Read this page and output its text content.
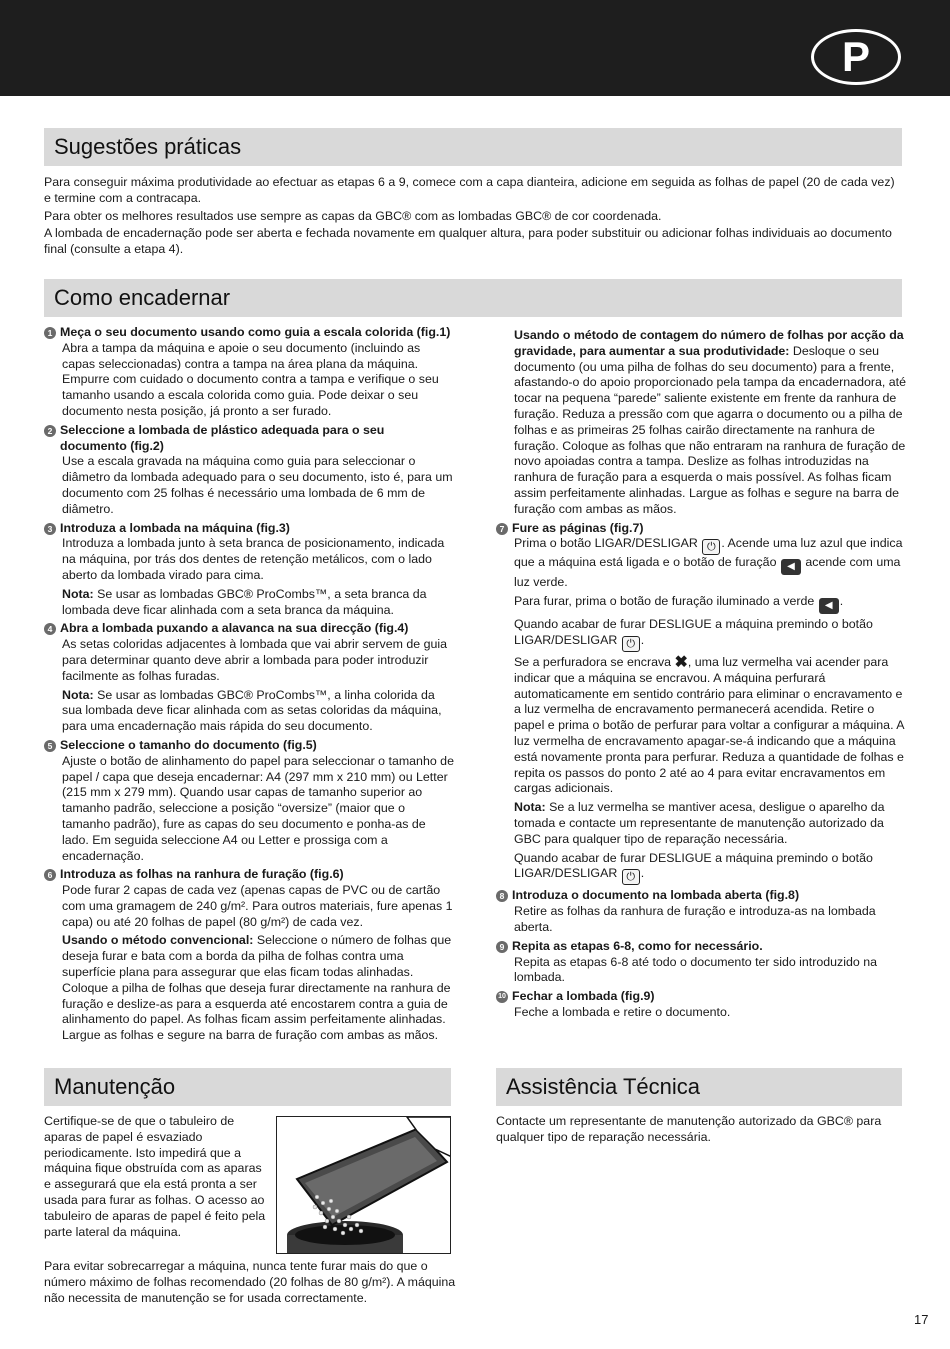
P
Sugestões práticas

Para conseguir máxima produtividade ao efectuar as etapas 6 a 9, comece com a capa dianteira, adicione em seguida as folhas de papel (20 de cada vez) e termine com a contracapa.

Para obter os melhores resultados use sempre as capas da GBC® com as lombadas GBC® de cor coordenada.

A lombada de encadernação pode ser aberta e fechada novamente em qualquer altura, para poder substituir ou adicionar folhas individuais ao documento final (consulte a etapa 4).

Como encadernar
1 Meça o seu documento usando como guia a escala colorida (fig.1)
Abra a tampa da máquina e apoie o seu documento (incluindo as capas seleccionadas) contra a tampa na área plana da máquina. Empurre com cuidado o documento contra a tampa e verifique o seu tamanho usando a escala colorida como guia. Pode deixar o seu documento nesta posição, já pronto a ser furado.
2 Seleccione a lombada de plástico adequada para o seu documento (fig.2)
Use a escala gravada na máquina como guia para seleccionar o diâmetro da lombada adequado para o seu documento, isto é, para um documento com 25 folhas é necessário uma lombada de 6 mm de diâmetro.
3 Introduza a lombada na máquina (fig.3)
Introduza a lombada junto à seta branca de posicionamento, indicada na máquina, por trás dos dentes de retenção metálicos, com o lado aberto da lombada virado para cima.
Nota: Se usar as lombadas GBC® ProCombs™, a seta branca da lombada deve ficar alinhada com a seta branca da máquina.
4 Abra a lombada puxando a alavanca na sua direcção (fig.4)
As setas coloridas adjacentes à lombada que vai abrir servem de guia para determinar quanto deve abrir a lombada para poder introduzir facilmente as folhas furadas.
Nota: Se usar as lombadas GBC® ProCombs™, a linha colorida da sua lombada deve ficar alinhada com as setas coloridas da máquina, para uma encadernação mais rápida do seu documento.
5 Seleccione o tamanho do documento (fig.5)
Ajuste o botão de alinhamento do papel para seleccionar o tamanho de papel / capa que deseja encadernar: A4 (297 mm x 210 mm) ou Letter (215 mm x 279 mm). Quando usar capas de tamanho superior ao tamanho padrão, seleccione a posição “oversize” (maior que o tamanho padrão), fure as capas do seu documento e ponha-as de lado. Em seguida seleccione A4 ou Letter e prossiga com a encadernação.
6 Introduza as folhas na ranhura de furação (fig.6)
Pode furar 2 capas de cada vez (apenas capas de PVC ou de cartão com uma gramagem de 240 g/m². Para outros materiais, fure apenas 1 capa) ou até 20 folhas de papel (80 g/m²) de cada vez.
Usando o método convencional: Seleccione o número de folhas que deseja furar e bata com a borda da pilha de folhas contra uma superfície plana para assegurar que elas ficam todas alinhadas. Coloque a pilha de folhas que deseja furar directamente na ranhura de furação e deslize-as para a esquerda até encostarem contra a guia de alinhamento do papel. As folhas ficam assim perfeitamente alinhadas. Largue as folhas e segure na barra de furação com ambas as mãos.
Usando o método de contagem do número de folhas por acção da gravidade, para aumentar a sua produtividade: Desloque o seu documento (ou uma pilha de folhas do seu documento) para a frente, afastando-o do apoio proporcionado pela tampa da encadernadora, até tocar na pequena “parede” saliente existente em frente da ranhura de furação. Reduza a pressão com que agarra o documento ou a pilha de folhas e as primeiras 25 folhas cairão directamente na ranhura de furação. Coloque as folhas que não entraram na ranhura de furação de novo apoiadas contra a tampa. Deslize as folhas introduzidas na ranhura de furação para a esquerda o mais possível. As folhas ficam assim perfeitamente alinhadas. Largue as folhas e segure na barra de furação com ambas as mãos.
7 Fure as páginas (fig.7)
Prima o botão LIGAR/DESLIGAR ⏻ . Acende uma luz azul que indica que a máquina está ligada e o botão de furação ◀ acende com uma luz verde.
Para furar, prima o botão de furação iluminado a verde ◀ .
Quando acabar de furar DESLIGUE a máquina premindo o botão LIGAR/DESLIGAR ⏻ .
Se a perfuradora se encrava ✖, uma luz vermelha vai acender para indicar que a máquina se encravou. A máquina perfurará automaticamente em sentido contrário para eliminar o encravamento e a luz vermelha de encravamento permanecerá acendida. Retire o papel e prima o botão de perfurar para voltar a configurar a máquina. A luz vermelha de encravamento apagar-se-á indicando que a máquina está novamente pronta para perfurar. Reduza a quantidade de folhas e repita os passos do ponto 2 até ao 4 para evitar encravamentos em cargas adicionais.
Nota: Se a luz vermelha se mantiver acesa, desligue o aparelho da tomada e contacte um representante de manutenção autorizado da GBC para qualquer tipo de reparação necessária.
Quando acabar de furar DESLIGUE a máquina premindo o botão LIGAR/DESLIGAR ⏻ .
8 Introduza o documento na lombada aberta (fig.8)
Retire as folhas da ranhura de furação e introduza-as na lombada aberta.
9 Repita as etapas 6-8, como for necessário.
Repita as etapas 6-8 até todo o documento ter sido introduzido na lombada.
10 Fechar a lombada (fig.9)
Feche a lombada e retire o documento.
Manutenção

Certifique-se de que o tabuleiro de aparas de papel é esvaziado periodicamente. Isto impedirá que a máquina fique obstruída com as aparas e assegurará que ela está pronta a ser usada para furar as folhas. O acesso ao tabuleiro de aparas de papel é feito pela parte lateral da máquina.

Para evitar sobrecarregar a máquina, nunca tente furar mais do que o número máximo de folhas recomendado (20 folhas de 80 g/m²). A máquina não necessita de manutenção se for usada correctamente.

Assistência Técnica

Contacte um representante de manutenção autorizado da GBC® para qualquer tipo de reparação necessária.

17
